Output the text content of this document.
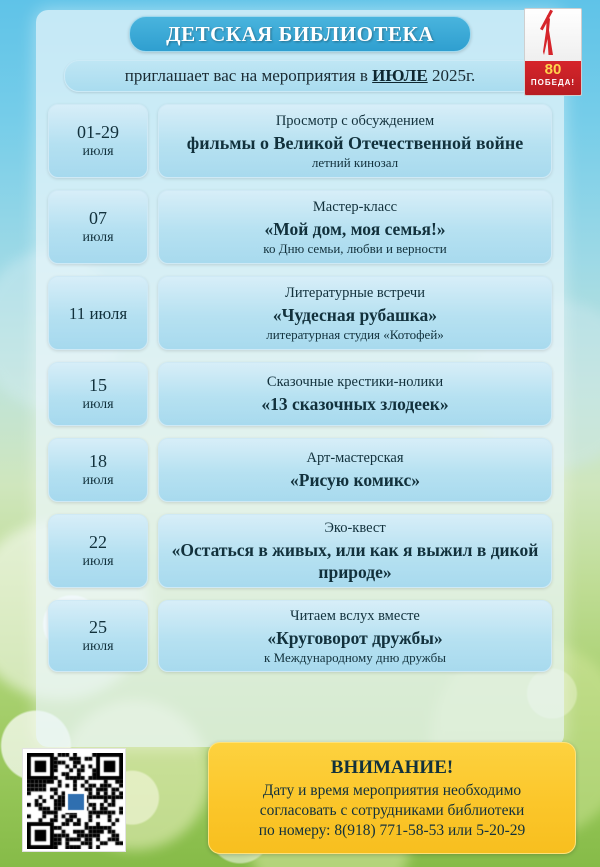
ДЕТСКАЯ БИБЛИОТЕКА
приглашает вас на мероприятия в ИЮЛЕ 2025г.	80
ПОБЕДА!
01-29
июля
Просмотр с обсуждением
фильмы о Великой Отечественной войне
летний кинозал
07
июля
Мастер-класс
«Мой дом, моя семья!»
ко Дню семьи, любви и верности
11 июля
Литературные встречи
«Чудесная рубашка»
литературная студия «Котофей»
15
июля
Сказочные крестики-нолики
«13 сказочных злодеек»
18
июля
Арт-мастерская
«Рисую комикс»
22
июля
Эко-квест
«Остаться в живых, или как я выжил в дикой природе»
25
июля
Читаем вслух вместе
«Круговорот дружбы»
к Международному дню дружбы
ВНИМАНИЕ!
Дату и время мероприятия необходимо
согласовать с сотрудниками библиотеки
по номеру: 8(918) 771-58-53 или 5-20-29
